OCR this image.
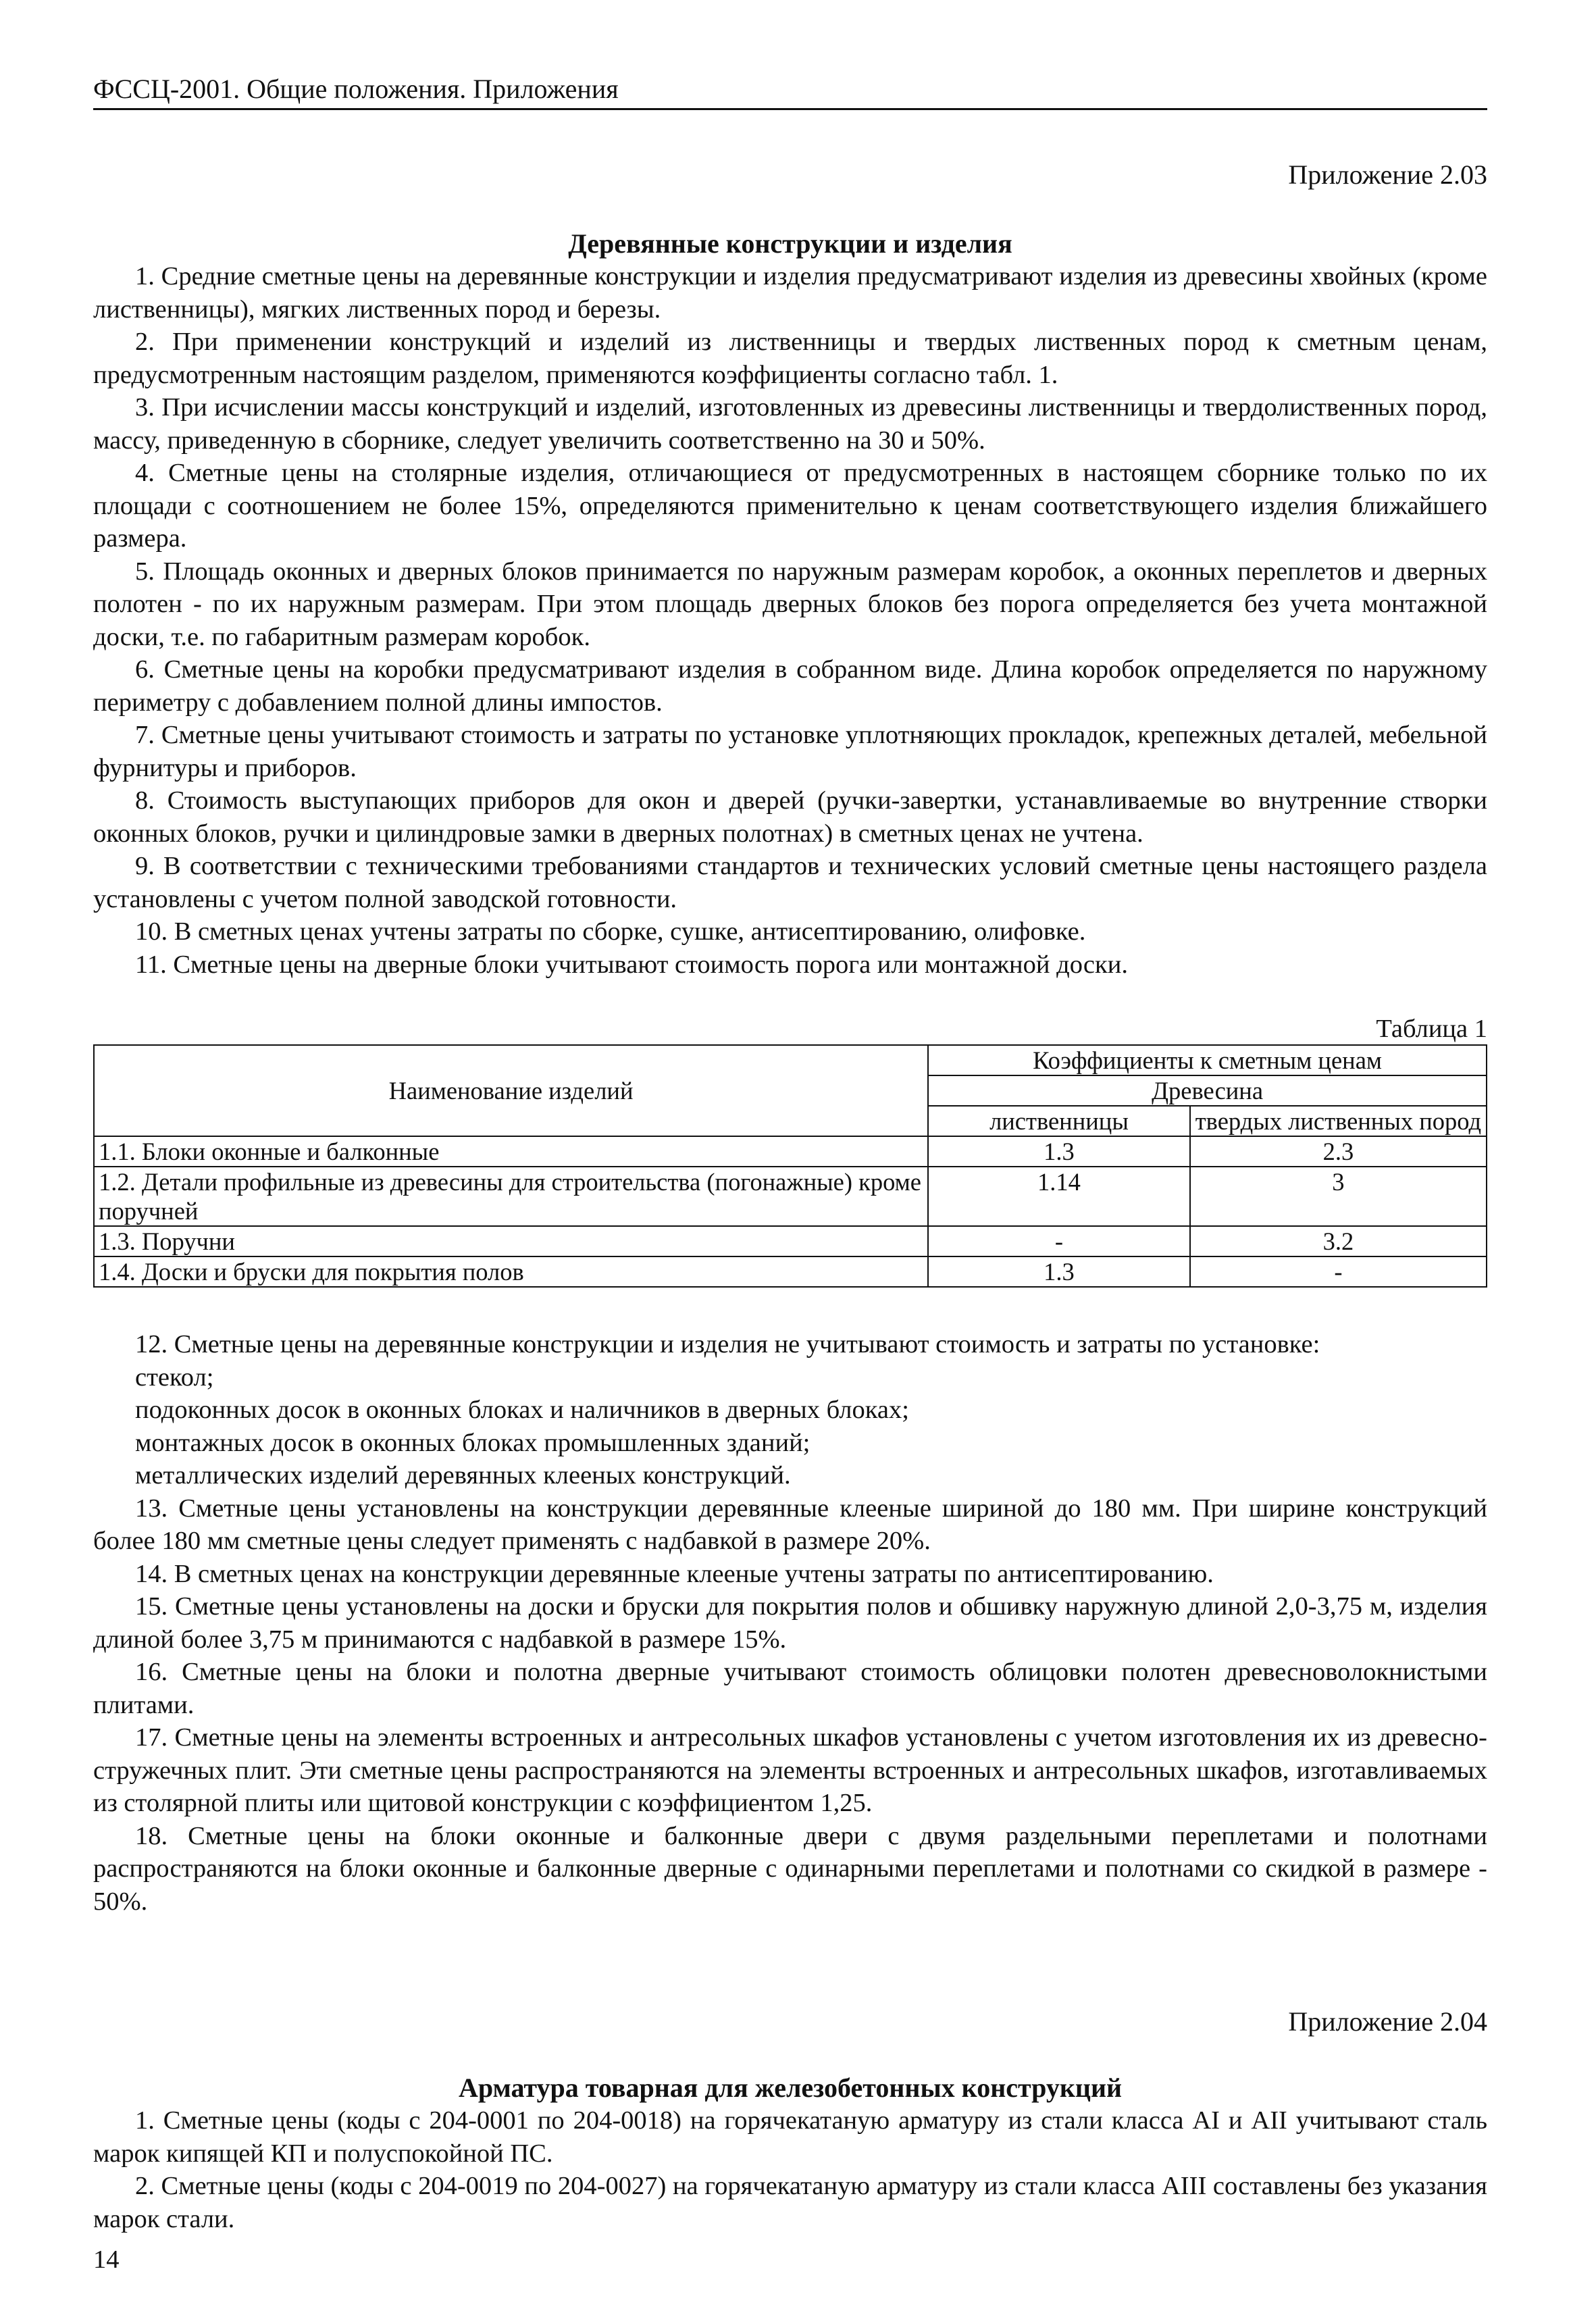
ФССЦ-2001. Общие положения. Приложения
Приложение 2.03
Деревянные конструкции и изделия

1. Средние сметные цены на деревянные конструкции и изделия предусматривают изделия из древесины хвойных (кроме лиственницы), мягких лиственных пород и березы.

2. При применении конструкций и изделий из лиственницы и твердых лиственных пород к сметным ценам, предусмотренным настоящим разделом, применяются коэффициенты согласно табл. 1.

3. При исчислении массы конструкций и изделий, изготовленных из древесины лиственницы и твердолиственных пород, массу, приведенную в сборнике, следует увеличить соответственно на 30 и 50%.

4. Сметные цены на столярные изделия, отличающиеся от предусмотренных в настоящем сборнике только по их площади с соотношением не более 15%, определяются применительно к ценам соответствующего изделия ближайшего размера.

5. Площадь оконных и дверных блоков принимается по наружным размерам коробок, а оконных переплетов и дверных полотен - по их наружным размерам. При этом площадь дверных блоков без порога определяется без учета монтажной доски, т.е. по габаритным размерам коробок.

6. Сметные цены на коробки предусматривают изделия в собранном виде. Длина коробок определяется по наружному периметру с добавлением полной длины импостов.

7. Сметные цены учитывают стоимость и затраты по установке уплотняющих прокладок, крепежных деталей, мебельной фурнитуры и приборов.

8. Стоимость выступающих приборов для окон и дверей (ручки-завертки, устанавливаемые во внутренние створки оконных блоков, ручки и цилиндровые замки в дверных полотнах) в сметных ценах не учтена.

9. В соответствии с техническими требованиями стандартов и технических условий сметные цены настоящего раздела установлены с учетом полной заводской готовности.

10. В сметных ценах учтены затраты по сборке, сушке, антисептированию, олифовке.

11. Сметные цены на дверные блоки учитывают стоимость порога или монтажной доски.

Таблица 1
Наименование изделий	Коэффициенты к сметным ценам	
	Древесина	
	лиственницы	твердых лиственных пород
1.1. Блоки оконные и балконные	1.3	2.3
1.2. Детали профильные из древесины для строительства (погонажные) кроме поручней	1.14	3
1.3. Поручни	-	3.2
1.4. Доски и бруски для покрытия полов	1.3	-

12. Сметные цены на деревянные конструкции и изделия не учитывают стоимость и затраты по установке:

стекол;
подоконных досок в оконных блоках и наличников в дверных блоках;
монтажных досок в оконных блоках промышленных зданий;
металлических изделий деревянных клееных конструкций.

13. Сметные цены установлены на конструкции деревянные клееные шириной до 180 мм. При ширине конструкций более 180 мм сметные цены следует применять с надбавкой в размере 20%.

14. В сметных ценах на конструкции деревянные клееные учтены затраты по антисептированию.

15. Сметные цены установлены на доски и бруски для покрытия полов и обшивку наружную длиной 2,0-3,75 м, изделия длиной более 3,75 м принимаются с надбавкой в размере 15%.

16. Сметные цены на блоки и полотна дверные учитывают стоимость облицовки полотен древесноволокнистыми плитами.

17. Сметные цены на элементы встроенных и антресольных шкафов установлены с учетом изготовления их из древесно-стружечных плит. Эти сметные цены распространяются на элементы встроенных и антресольных шкафов, изготавливаемых из столярной плиты или щитовой конструкции с коэффициентом 1,25.

18. Сметные цены на блоки оконные и балконные двери с двумя раздельными переплетами и полотнами распространяются на блоки оконные и балконные дверные с одинарными переплетами и полотнами со скидкой в размере - 50%.

Приложение 2.04
Арматура товарная для железобетонных конструкций

1. Сметные цены (коды с 204-0001 по 204-0018) на горячекатаную арматуру из стали класса AI и AII учитывают сталь марок кипящей КП и полуспокойной ПС.

2. Сметные цены (коды с 204-0019 по 204-0027) на горячекатаную арматуру из стали класса AIII составлены без указания марок стали.

14
